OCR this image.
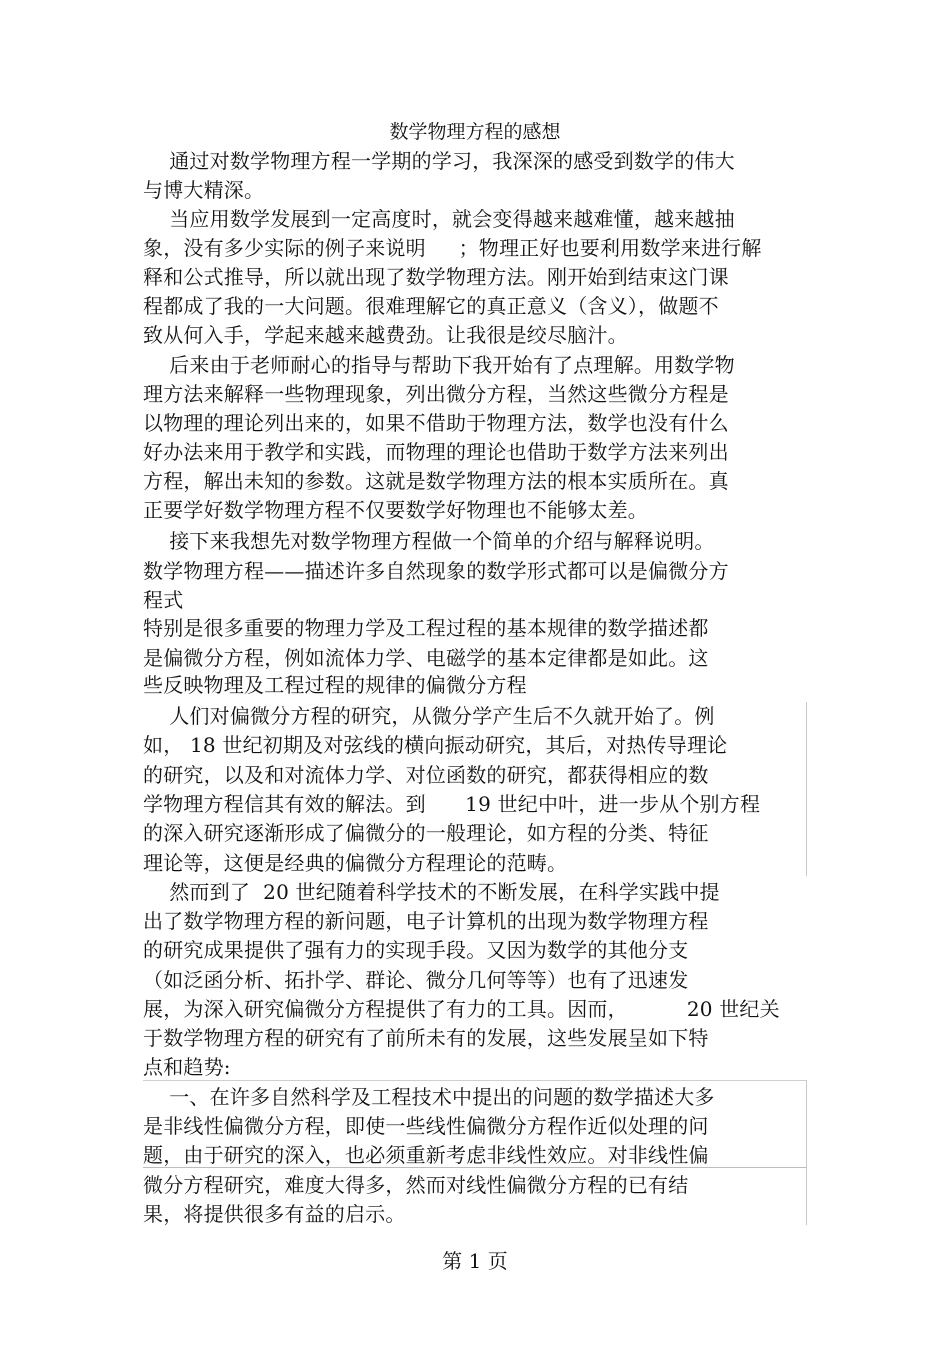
数学物理方程的感想

通过对数学物理方程一学期的学习，我深深的感受到数学的伟大

与博大精深。

当应用数学发展到一定高度时，就会变得越来越难懂，越来越抽

象，没有多少实际的例子来说明     ；物理正好也要利用数学来进行解

释和公式推导，所以就出现了数学物理方法。刚开始到结束这门课

程都成了我的一大问题。很难理解它的真正意义（含义），做题不

致从何入手，学起来越来越费劲。让我很是绞尽脑汁。

后来由于老师耐心的指导与帮助下我开始有了点理解。用数学物

理方法来解释一些物理现象，列出微分方程，当然这些微分方程是

以物理的理论列出来的，如果不借助于物理方法，数学也没有什么

好办法来用于教学和实践，而物理的理论也借助于数学方法来列出

方程，解出未知的参数。这就是数学物理方法的根本实质所在。真

正要学好数学物理方程不仅要数学好物理也不能够太差。

接下来我想先对数学物理方程做一个简单的介绍与解释说明。

数学物理方程——描述许多自然现象的数学形式都可以是偏微分方

程式

特别是很多重要的物理力学及工程过程的基本规律的数学描述都

是偏微分方程，例如流体力学、电磁学的基本定律都是如此。这

些反映物理及工程过程的规律的偏微分方程

人们对偏微分方程的研究，从微分学产生后不久就开始了。例

如， 18 世纪初期及对弦线的横向振动研究，其后，对热传导理论

的研究，以及和对流体力学、对位函数的研究，都获得相应的数

学物理方程信其有效的解法。到      19 世纪中叶，进一步从个别方程

的深入研究逐渐形成了偏微分的一般理论，如方程的分类、特征

理论等，这便是经典的偏微分方程理论的范畴。

然而到了  20 世纪随着科学技术的不断发展，在科学实践中提

出了数学物理方程的新问题，电子计算机的出现为数学物理方程

的研究成果提供了强有力的实现手段。又因为数学的其他分支

（如泛函分析、拓扑学、群论、微分几何等等）也有了迅速发

展，为深入研究偏微分方程提供了有力的工具。因而，         20 世纪关

于数学物理方程的研究有了前所未有的发展，这些发展呈如下特

点和趋势:

一、在许多自然科学及工程技术中提出的问题的数学描述大多

是非线性偏微分方程，即使一些线性偏微分方程作近似处理的问

题，由于研究的深入，也必须重新考虑非线性效应。对非线性偏

微分方程研究，难度大得多，然而对线性偏微分方程的已有结

果，将提供很多有益的启示。

第 1 页
